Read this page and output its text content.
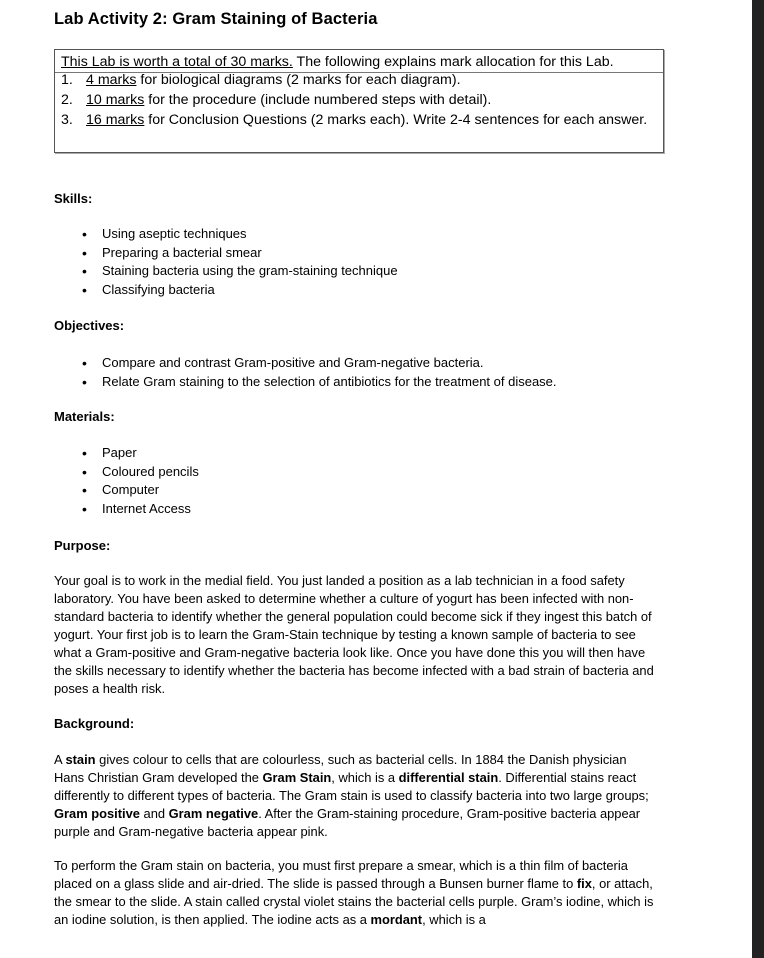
Lab Activity 2: Gram Staining of Bacteria
This Lab is worth a total of 30 marks. The following explains mark allocation for this Lab.
1. 4 marks for biological diagrams (2 marks for each diagram).
2. 10 marks for the procedure (include numbered steps with detail).
3. 16 marks for Conclusion Questions (2 marks each). Write 2-4 sentences for each answer.
Skills:
• Using aseptic techniques
• Preparing a bacterial smear
• Staining bacteria using the gram-staining technique
• Classifying bacteria
Objectives:
• Compare and contrast Gram-positive and Gram-negative bacteria.
• Relate Gram staining to the selection of antibiotics for the treatment of disease.
Materials:
• Paper
• Coloured pencils
• Computer
• Internet Access
Purpose:

Your goal is to work in the medial field. You just landed a position as a lab technician in a food safety laboratory. You have been asked to determine whether a culture of yogurt has been infected with non-standard bacteria to identify whether the general population could become sick if they ingest this batch of yogurt. Your first job is to learn the Gram-Stain technique by testing a known sample of bacteria to see what a Gram-positive and Gram-negative bacteria look like. Once you have done this you will then have the skills necessary to identify whether the bacteria has become infected with a bad strain of bacteria and poses a health risk.

Background:

A stain gives colour to cells that are colourless, such as bacterial cells. In 1884 the Danish physician Hans Christian Gram developed the Gram Stain, which is a differential stain. Differential stains react differently to different types of bacteria. The Gram stain is used to classify bacteria into two large groups; Gram positive and Gram negative. After the Gram-staining procedure, Gram-positive bacteria appear purple and Gram-negative bacteria appear pink.

To perform the Gram stain on bacteria, you must first prepare a smear, which is a thin film of bacteria placed on a glass slide and air-dried. The slide is passed through a Bunsen burner flame to fix, or attach, the smear to the slide. A stain called crystal violet stains the bacterial cells purple. Gram’s iodine, which is an iodine solution, is then applied. The iodine acts as a mordant, which is a
